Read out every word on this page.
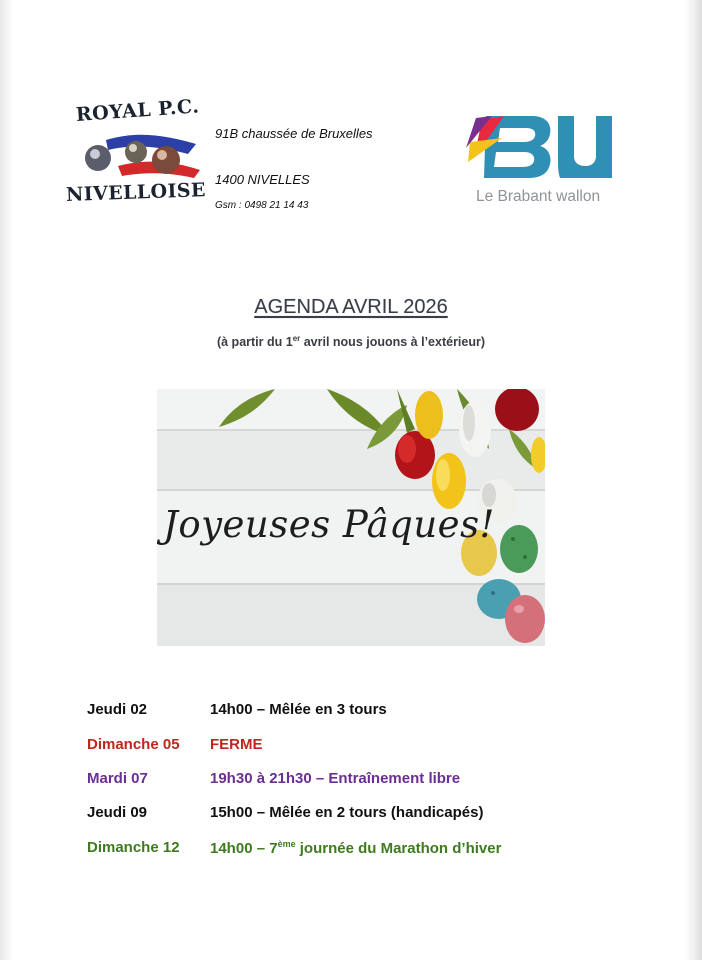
ROYAL P.C.
NIVELLOISE
91B chaussée de Bruxelles
1400 NIVELLES
Gsm : 0498 21 14 43
Le Brabant wallon
AGENDA AVRIL 2026
(à partir du 1er avril nous jouons à l’extérieur)
Joyeuses Pâques!
Jeudi 02	14h00 – Mêlée en 3 tours
Dimanche 05 FERME
Mardi 07	19h30 à 21h30 – Entraînement libre
Jeudi 09	15h00 – Mêlée en 2 tours (handicapés)
Dimanche 12 14h00 – 7ème journée du Marathon d’hiver
